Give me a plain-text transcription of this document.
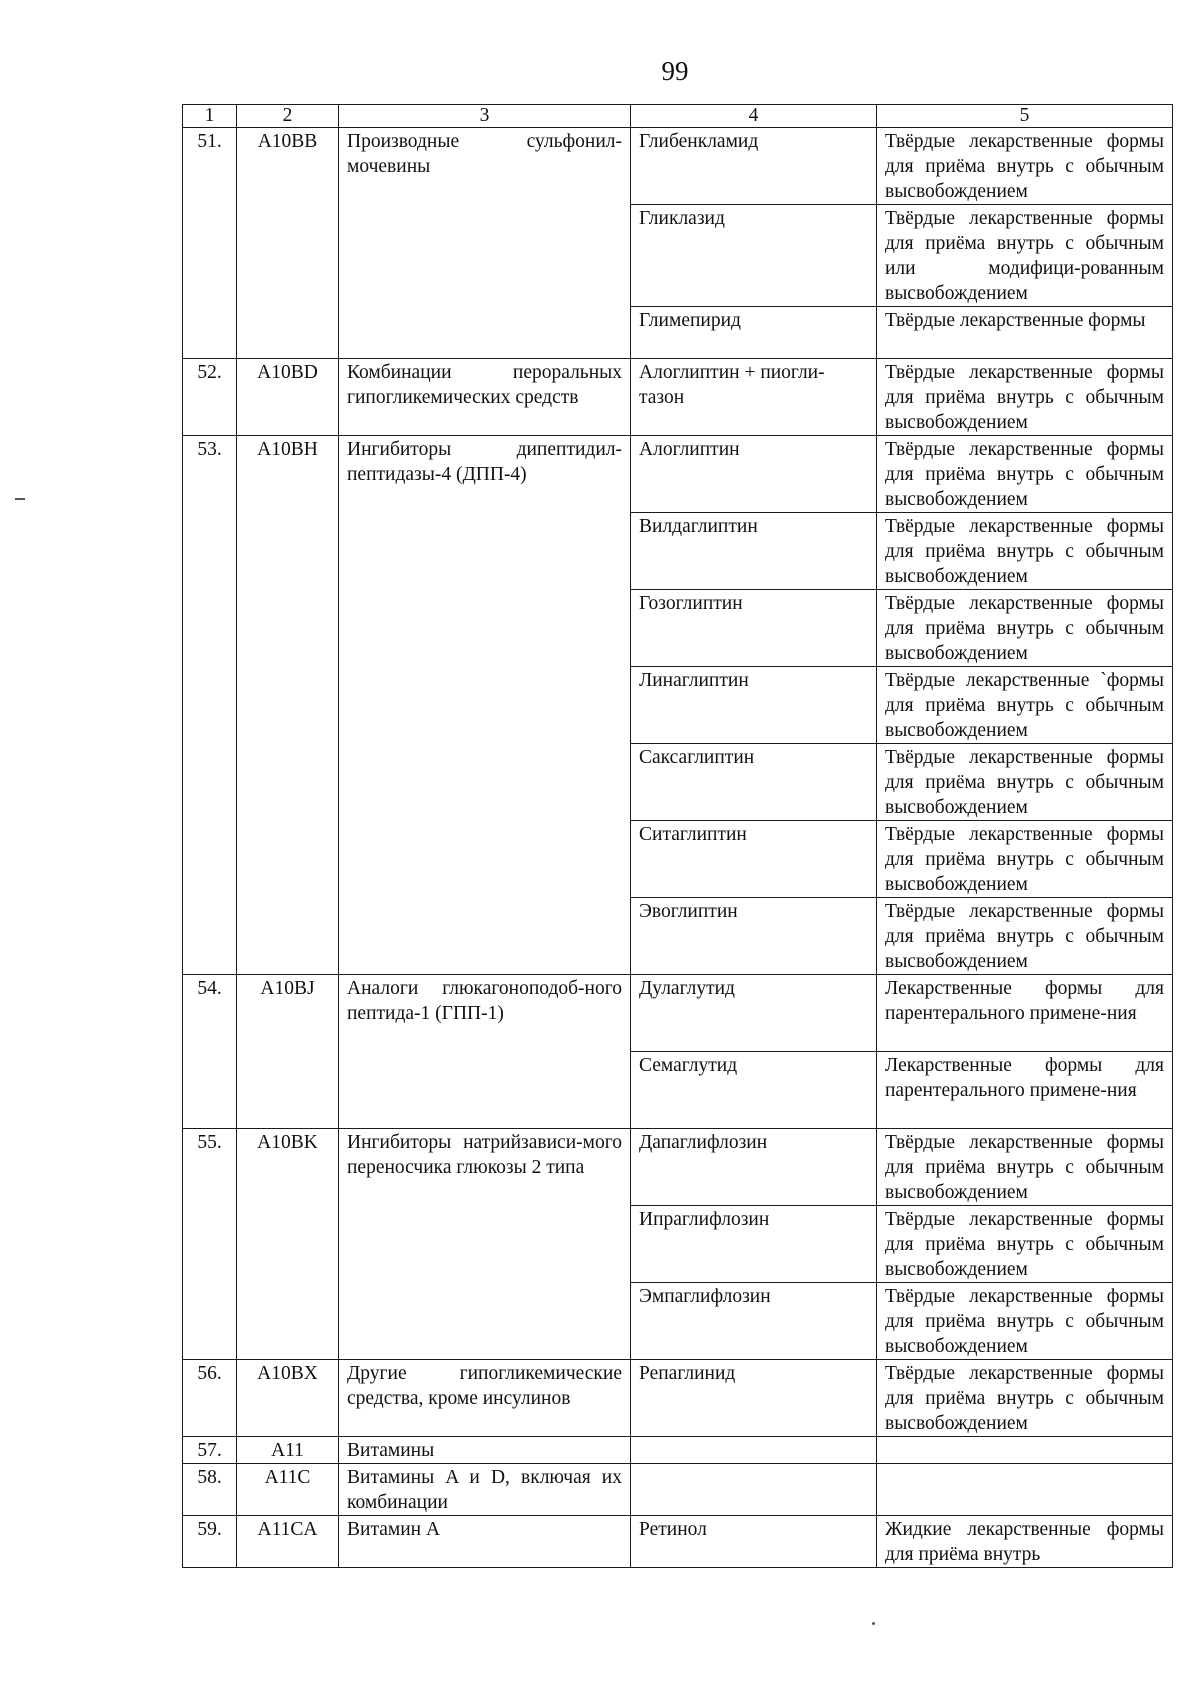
99
1	2	3	4	5
51.	A10BB	Производные сульфонил-мочевины	Глибенкламид	Твёрдые лекарственные формы для приёма внутрь с обычным высвобождением
			Гликлазид	Твёрдые лекарственные формы для приёма внутрь с обычным или модифици-рованным высвобождением
			Глимепирид	Твёрдые лекарственные формы
52.	A10BD	Комбинации пероральных гипогликемических средств	Алоглиптин + пиогли-тазон	Твёрдые лекарственные формы для приёма внутрь с обычным высвобождением
53.	A10BH	Ингибиторы дипептидил-пептидазы-4 (ДПП-4)	Алоглиптин	Твёрдые лекарственные формы для приёма внутрь с обычным высвобождением
			Вилдаглиптин	Твёрдые лекарственные формы для приёма внутрь с обычным высвобождением
			Гозоглиптин	Твёрдые лекарственные формы для приёма внутрь с обычным высвобождением
			Линаглиптин	Твёрдые лекарственные `формы для приёма внутрь с обычным высвобождением
			Саксаглиптин	Твёрдые лекарственные формы для приёма внутрь с обычным высвобождением
			Ситаглиптин	Твёрдые лекарственные формы для приёма внутрь с обычным высвобождением
			Эвоглиптин	Твёрдые лекарственные формы для приёма внутрь с обычным высвобождением
54.	A10BJ	Аналоги глюкагоноподоб-ного пептида-1 (ГПП-1)	Дулаглутид	Лекарственные формы для парентерального примене-ния
			Семаглутид	Лекарственные формы для парентерального примене-ния
55.	A10BK	Ингибиторы натрийзависи-мого переносчика глюкозы 2 типа	Дапаглифлозин	Твёрдые лекарственные формы для приёма внутрь с обычным высвобождением
			Ипраглифлозин	Твёрдые лекарственные формы для приёма внутрь с обычным высвобождением
			Эмпаглифлозин	Твёрдые лекарственные формы для приёма внутрь с обычным высвобождением
56.	A10BX	Другие гипогликемические средства, кроме инсулинов	Репаглинид	Твёрдые лекарственные формы для приёма внутрь с обычным высвобождением
57.	A11	Витамины		
58.	A11C	Витамины A и D, включая их комбинации		
59.	A11CA	Витамин A	Ретинол	Жидкие лекарственные формы для приёма внутрь
